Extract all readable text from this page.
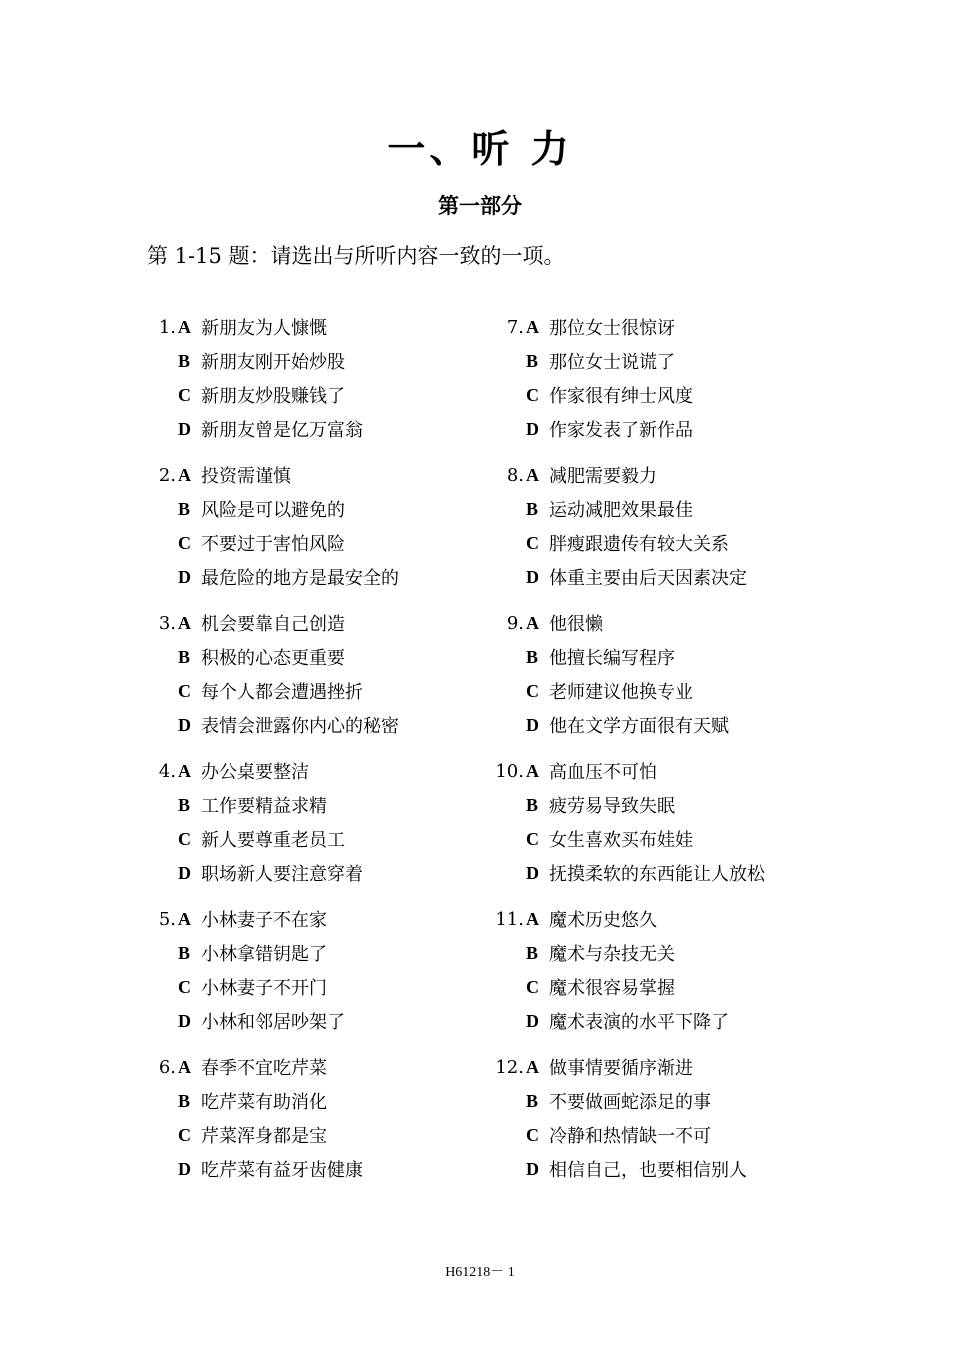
一、听 力
第一部分

第 1-15 题：请选出与所听内容一致的一项。

1. A 新朋友为人慷慨
B 新朋友刚开始炒股
C 新朋友炒股赚钱了
D 新朋友曾是亿万富翁
2. A 投资需谨慎
B 风险是可以避免的
C 不要过于害怕风险
D 最危险的地方是最安全的
3. A 机会要靠自己创造
B 积极的心态更重要
C 每个人都会遭遇挫折
D 表情会泄露你内心的秘密
4. A 办公桌要整洁
B 工作要精益求精
C 新人要尊重老员工
D 职场新人要注意穿着
5. A 小林妻子不在家
B 小林拿错钥匙了
C 小林妻子不开门
D 小林和邻居吵架了
6. A 春季不宜吃芹菜
B 吃芹菜有助消化
C 芹菜浑身都是宝
D 吃芹菜有益牙齿健康
7. A 那位女士很惊讶
B 那位女士说谎了
C 作家很有绅士风度
D 作家发表了新作品
8. A 减肥需要毅力
B 运动减肥效果最佳
C 胖瘦跟遗传有较大关系
D 体重主要由后天因素决定
9. A 他很懒
B 他擅长编写程序
C 老师建议他换专业
D 他在文学方面很有天赋
10. A 高血压不可怕
B 疲劳易导致失眠
C 女生喜欢买布娃娃
D 抚摸柔软的东西能让人放松
11. A 魔术历史悠久
B 魔术与杂技无关
C 魔术很容易掌握
D 魔术表演的水平下降了
12. A 做事情要循序渐进
B 不要做画蛇添足的事
C 冷静和热情缺一不可
D 相信自己，也要相信别人

H61218－ 1
